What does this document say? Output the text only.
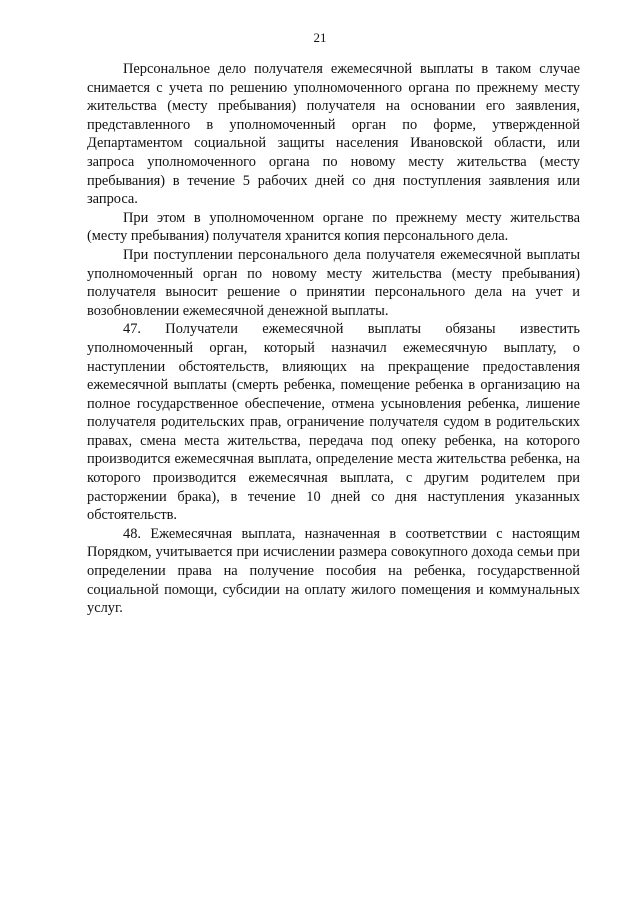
21

Персональное дело получателя ежемесячной выплаты в таком случае снимается с учета по решению уполномоченного органа по прежнему месту жительства (месту пребывания) получателя на основании его заявления, представленного в уполномоченный орган по форме, утвержденной Департаментом социальной защиты населения Ивановской области, или запроса уполномоченного органа по новому месту жительства (месту пребывания) в течение 5 рабочих дней со дня поступления заявления или запроса.

При этом в уполномоченном органе по прежнему месту жительства (месту пребывания) получателя хранится копия персонального дела.

При поступлении персонального дела получателя ежемесячной выплаты уполномоченный орган по новому месту жительства (месту пребывания) получателя выносит решение о принятии персонального дела на учет и возобновлении ежемесячной денежной выплаты.

47. Получатели ежемесячной выплаты обязаны известить уполномоченный орган, который назначил ежемесячную выплату, о наступлении обстоятельств, влияющих на прекращение предоставления ежемесячной выплаты (смерть ребенка, помещение ребенка в организацию на полное государственное обеспечение, отмена усыновления ребенка, лишение получателя родительских прав, ограничение получателя судом в родительских правах, смена места жительства, передача под опеку ребенка, на которого производится ежемесячная выплата, определение места жительства ребенка, на которого производится ежемесячная выплата, с другим родителем при расторжении брака), в течение 10 дней со дня наступления указанных обстоятельств.

48. Ежемесячная выплата, назначенная в соответствии с настоящим Порядком, учитывается при исчислении размера совокупного дохода семьи при определении права на получение пособия на ребенка, государственной социальной помощи, субсидии на оплату жилого помещения и коммунальных услуг.
